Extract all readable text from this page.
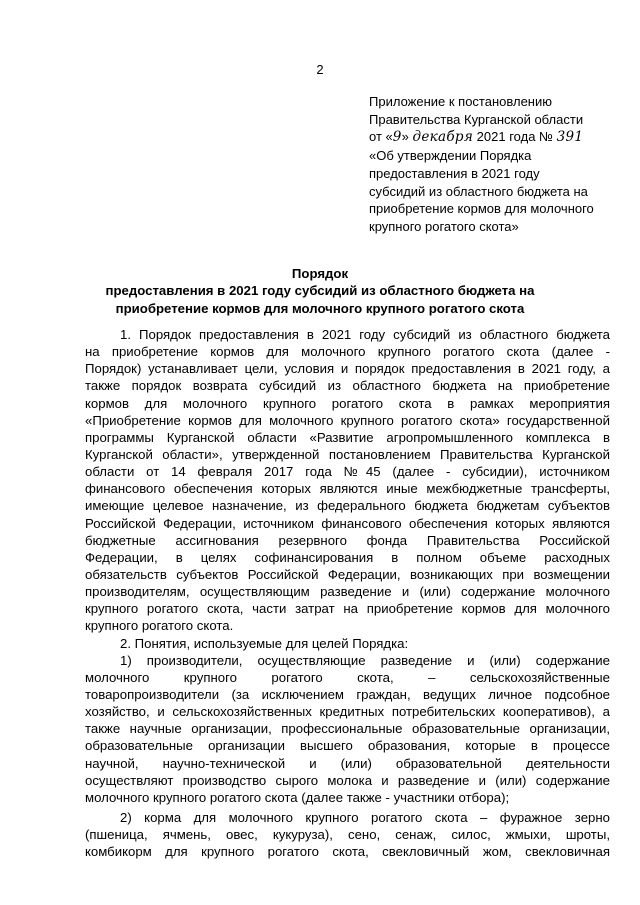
2
Приложение к постановлению
Правительства Курганской области
от «9» декабря 2021 года № 391
«Об утверждении Порядка
предоставления в 2021 году
субсидий из областного бюджета на
приобретение кормов для молочного
крупного рогатого скота»
Порядок
предоставления в 2021 году субсидий из областного бюджета на
приобретение кормов для молочного крупного рогатого скота
1. Порядок предоставления в 2021 году субсидий из областного бюджета
на приобретение кормов для молочного крупного рогатого скота (далее -
Порядок) устанавливает цели, условия и порядок предоставления в 2021 году, а
также порядок возврата субсидий из областного бюджета на приобретение
кормов для молочного крупного рогатого скота в рамках мероприятия
«Приобретение кормов для молочного крупного рогатого скота» государственной
программы Курганской области «Развитие агропромышленного комплекса в
Курганской области», утвержденной постановлением Правительства Курганской
области от 14 февраля 2017 года №45 (далее - субсидии), источником
финансового обеспечения которых являются иные межбюджетные трансферты,
имеющие целевое назначение, из федерального бюджета бюджетам субъектов
Российской Федерации, источником финансового обеспечения которых являются
бюджетные ассигнования резервного фонда Правительства Российской
Федерации, в целях софинансирования в полном объеме расходных
обязательств субъектов Российской Федерации, возникающих при возмещении
производителям, осуществляющим разведение и (или) содержание молочного
крупного рогатого скота, части затрат на приобретение кормов для молочного
крупного рогатого скота.
2. Понятия, используемые для целей Порядка:
1) производители, осуществляющие разведение и (или) содержание
молочного крупного рогатого скота, – сельскохозяйственные
товаропроизводители (за исключением граждан, ведущих личное подсобное
хозяйство, и сельскохозяйственных кредитных потребительских кооперативов), а
также научные организации, профессиональные образовательные организации,
образовательные организации высшего образования, которые в процессе
научной, научно-технической и (или) образовательной деятельности
осуществляют производство сырого молока и разведение и (или) содержание
молочного крупного рогатого скота (далее также - участники отбора);
2) корма для молочного крупного рогатого скота – фуражное зерно
(пшеница, ячмень, овес, кукуруза), сено, сенаж, силос, жмыхи, шроты,
комбикорм для крупного рогатого скота, свекловичный жом, свекловичная
